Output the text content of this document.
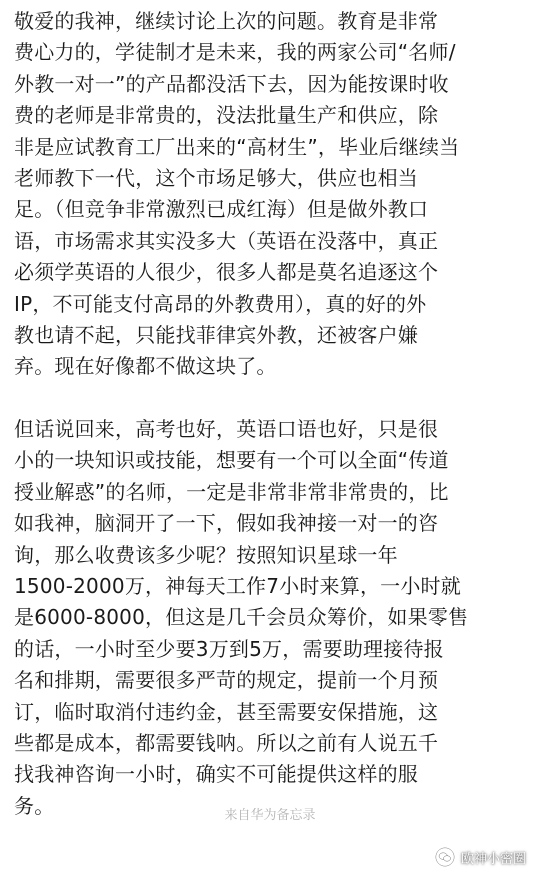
敬爱的我神，继续讨论上次的问题。教育是非常
费心力的，学徒制才是未来，我的两家公司“名师/
外教一对一”的产品都没活下去，因为能按课时收
费的老师是非常贵的，没法批量生产和供应，除
非是应试教育工厂出来的“高材生”，毕业后继续当
老师教下一代，这个市场足够大，供应也相当
足。（但竞争非常激烈已成红海）但是做外教口
语，市场需求其实没多大（英语在没落中，真正
必须学英语的人很少，很多人都是莫名追逐这个
IP，不可能支付高昂的外教费用），真的好的外
教也请不起，只能找菲律宾外教，还被客户嫌
弃。现在好像都不做这块了。

但话说回来，高考也好，英语口语也好，只是很
小的一块知识或技能，想要有一个可以全面“传道
授业解惑”的名师，一定是非常非常非常贵的，比
如我神，脑洞开了一下，假如我神接一对一的咨
询，那么收费该多少呢？按照知识星球一年
1500-2000万，神每天工作7小时来算，一小时就
是6000-8000，但这是几千会员众筹价，如果零售
的话，一小时至少要3万到5万，需要助理接待报
名和排期，需要很多严苛的规定，提前一个月预
订，临时取消付违约金，甚至需要安保措施，这
些都是成本，都需要钱呐。所以之前有人说五千
找我神咨询一小时，确实不可能提供这样的服
务。	来自华为备忘录
欧神小密圈
